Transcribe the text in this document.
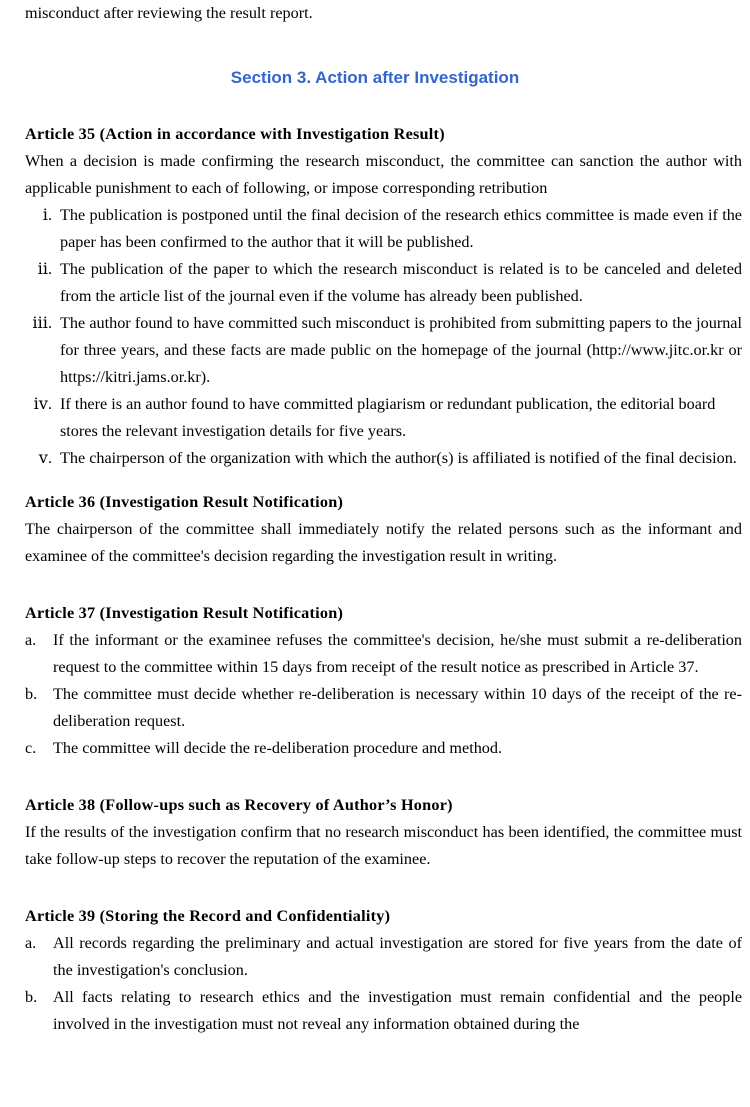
misconduct after reviewing the result report.

Section 3. Action after Investigation
Article 35 (Action in accordance with Investigation Result)

When a decision is made confirming the research misconduct, the committee can sanction the author with applicable punishment to each of following, or impose corresponding retribution

ⅰ. The publication is postponed until the final decision of the research ethics committee is made even if the paper has been confirmed to the author that it will be published.
ⅱ. The publication of the paper to which the research misconduct is related is to be canceled and deleted from the article list of the journal even if the volume has already been published.
ⅲ. The author found to have committed such misconduct is prohibited from submitting papers to the journal for three years, and these facts are made public on the homepage of the journal (http://www.jitc.or.kr or https://kitri.jams.or.kr).
ⅳ. If there is an author found to have committed plagiarism or redundant publication, the editorial board stores the relevant investigation details for five years.
ⅴ. The chairperson of the organization with which the author(s) is affiliated is notified of the final decision.
Article 36 (Investigation Result Notification)

The chairperson of the committee shall immediately notify the related persons such as the informant and examinee of the committee's decision regarding the investigation result in writing.

Article 37 (Investigation Result Notification)
a.	If the informant or the examinee refuses the committee's decision, he/she must submit a re-deliberation request to the committee within 15 days from receipt of the result notice as prescribed in Article 37.
b. The committee must decide whether re-deliberation is necessary within 10 days of the receipt of the re-deliberation request.
c.	The committee will decide the re-deliberation procedure and method.
Article 38 (Follow-ups such as Recovery of Author’s Honor)

If the results of the investigation confirm that no research misconduct has been identified, the committee must take follow-up steps to recover the reputation of the examinee.

Article 39 (Storing the Record and Confidentiality)
a.	All records regarding the preliminary and actual investigation are stored for five years from the date of the investigation's conclusion.
b. All facts relating to research ethics and the investigation must remain confidential and the people involved in the investigation must not reveal any information obtained during the
